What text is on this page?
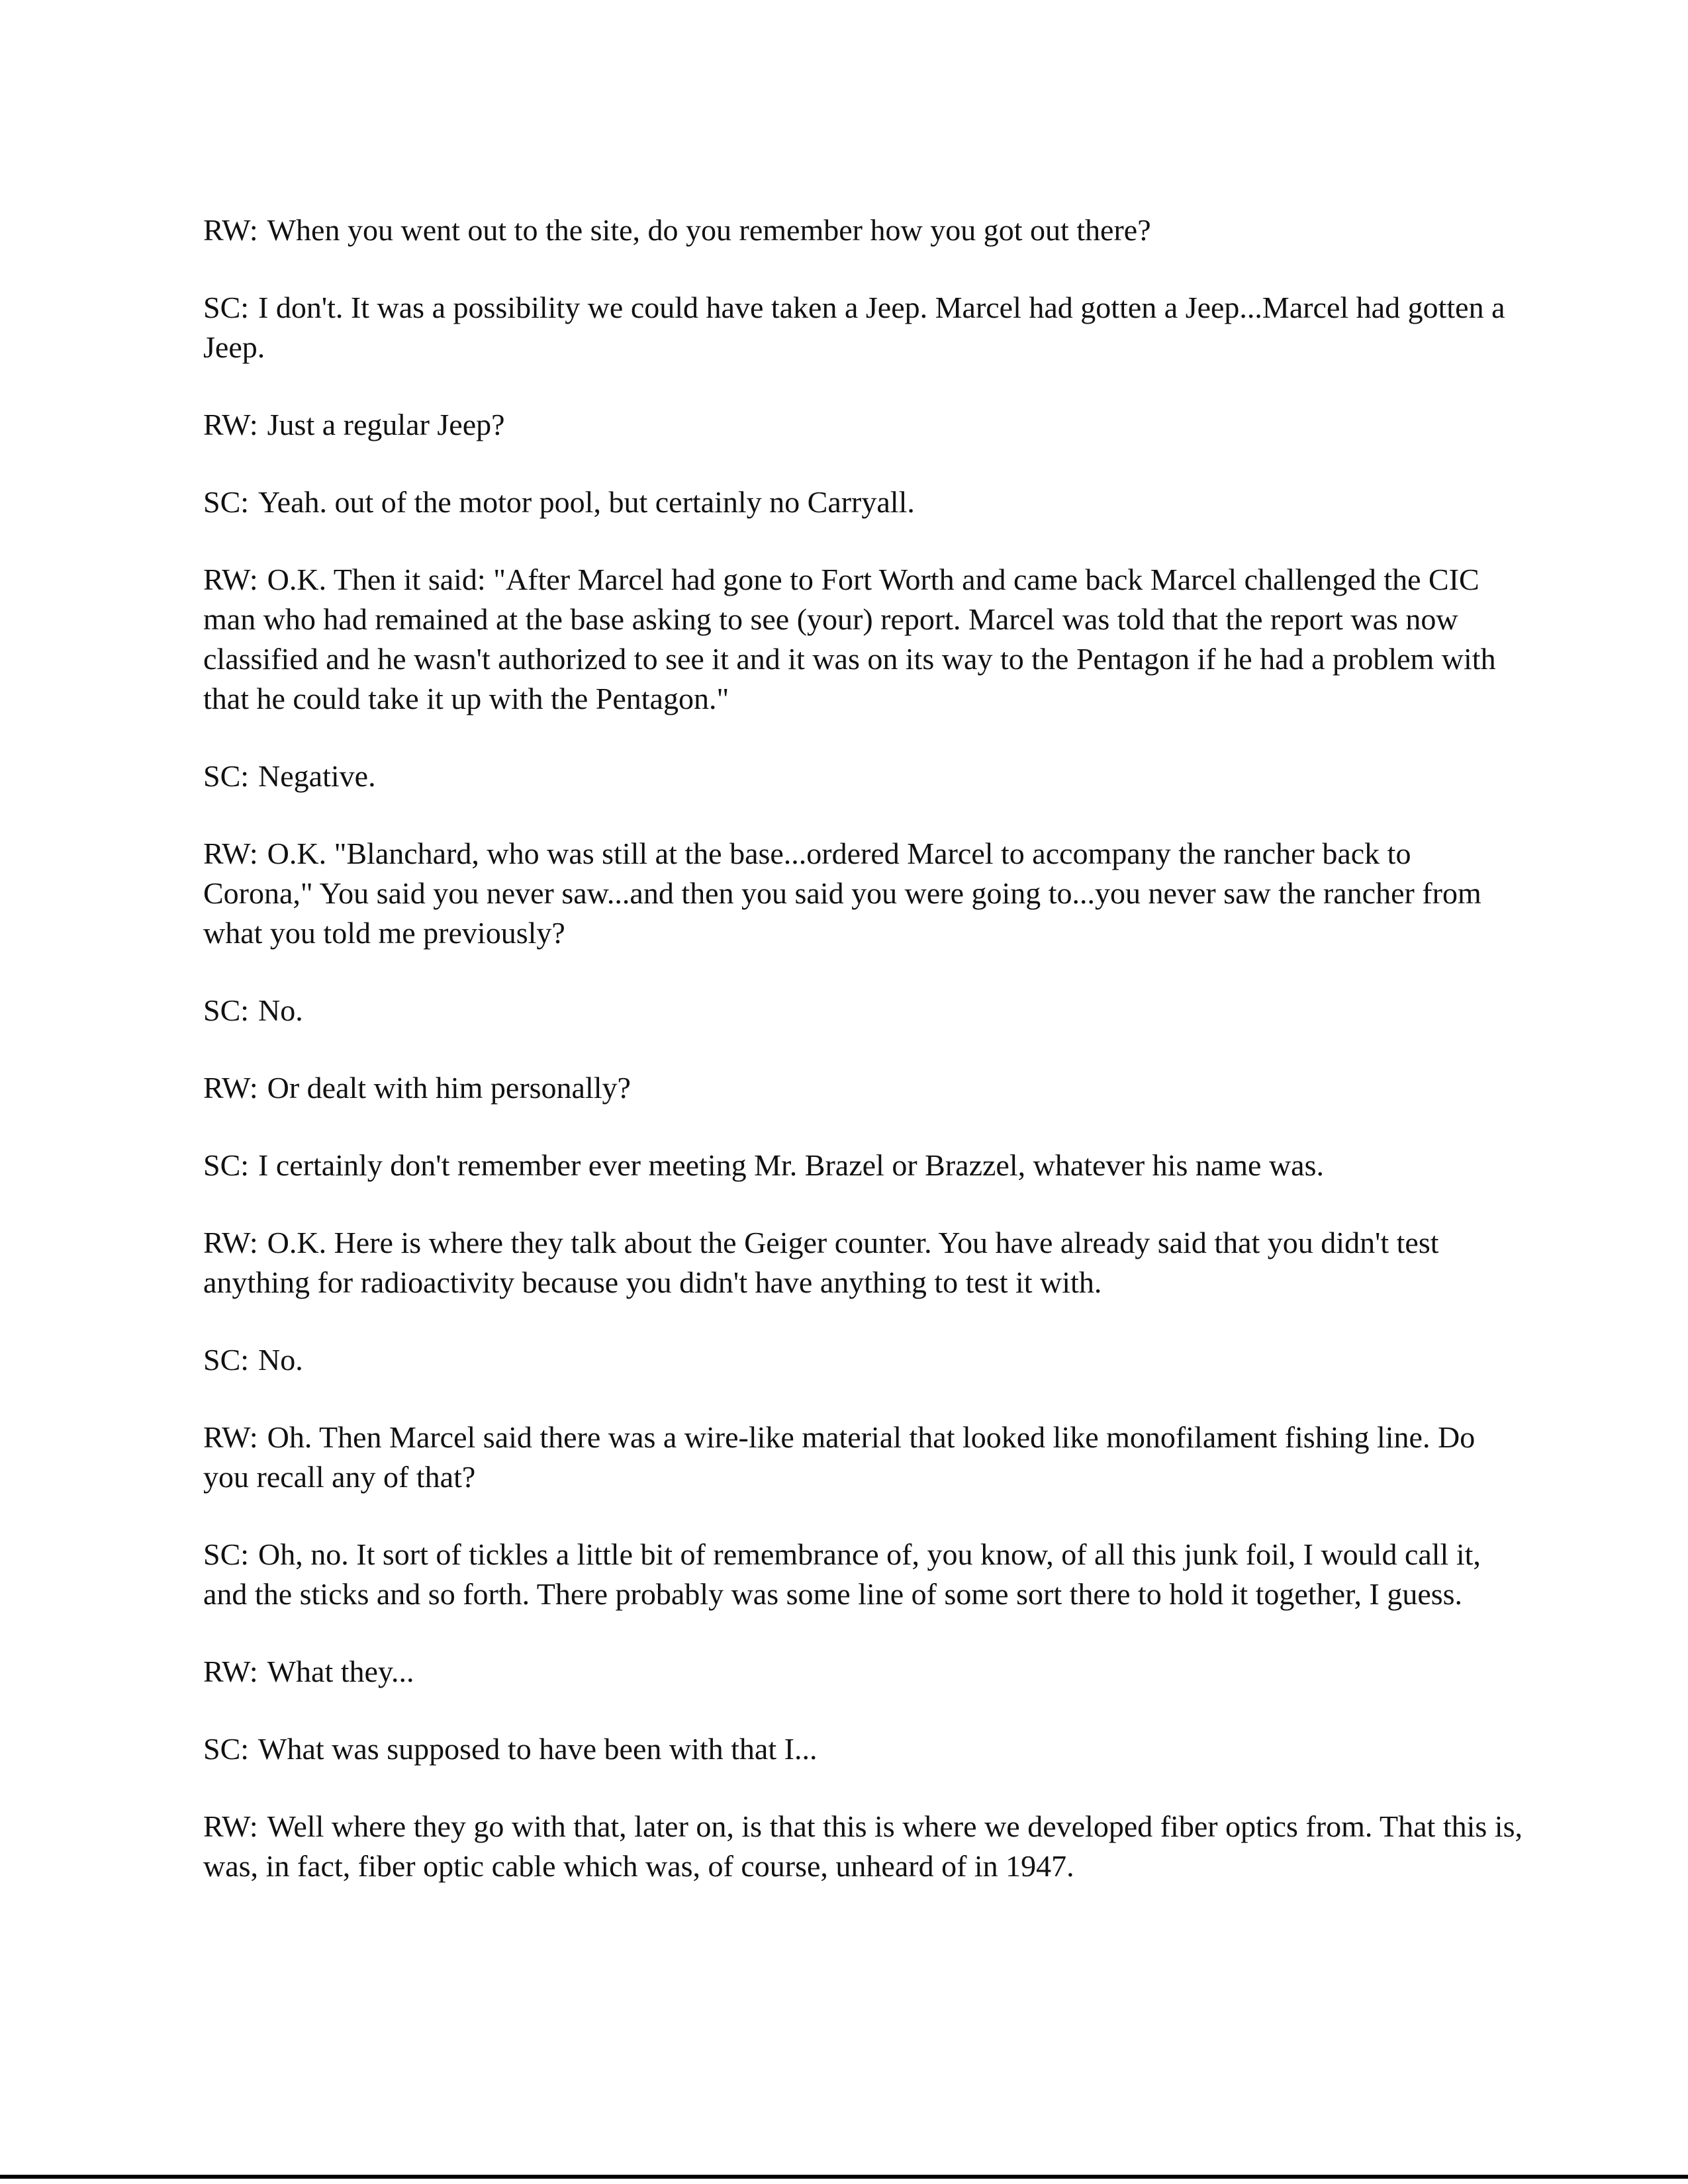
RW: When you went out to the site, do you remember how you got out there?

SC: I don't. It was a possibility we could have taken a Jeep. Marcel had gotten a Jeep...Marcel had gotten a Jeep.

RW: Just a regular Jeep?

SC: Yeah. out of the motor pool, but certainly no Carryall.

RW: O.K. Then it said: "After Marcel had gone to Fort Worth and came back Marcel challenged the CIC man who had remained at the base asking to see (your) report. Marcel was told that the report was now classified and he wasn't authorized to see it and it was on its way to the Pentagon if he had a problem with that he could take it up with the Pentagon."

SC: Negative.

RW: O.K. "Blanchard, who was still at the base...ordered Marcel to accompany the rancher back to Corona," You said you never saw...and then you said you were going to...you never saw the rancher from what you told me previously?

SC: No.

RW: Or dealt with him personally?

SC: I certainly don't remember ever meeting Mr. Brazel or Brazzel, whatever his name was.

RW: O.K. Here is where they talk about the Geiger counter. You have already said that you didn't test anything for radioactivity because you didn't have anything to test it with.

SC: No.

RW: Oh. Then Marcel said there was a wire-like material that looked like monofilament fishing line. Do you recall any of that?

SC: Oh, no. It sort of tickles a little bit of remembrance of, you know, of all this junk foil, I would call it, and the sticks and so forth. There probably was some line of some sort there to hold it together, I guess.

RW: What they...

SC: What was supposed to have been with that I...

RW: Well where they go with that, later on, is that this is where we developed fiber optics from. That this is, was, in fact, fiber optic cable which was, of course, unheard of in 1947.
